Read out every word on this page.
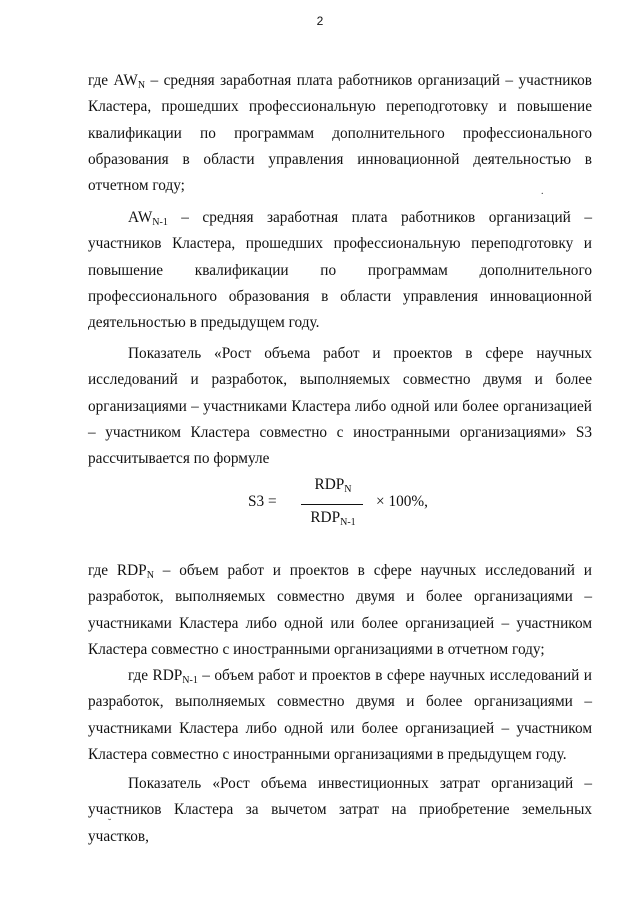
2

где $AW_N$ – средняя заработная плата работников организаций – участников Кластера, прошедших профессиональную переподготовку и повышение квалификации по программам дополнительного профессионального образования в области управления инновационной деятельностью в отчетном году;

$AW_{N-1}$ – средняя заработная плата работников организаций – участников Кластера, прошедших профессиональную переподготовку и повышение квалификации по программам дополнительного профессионального образования в области управления инновационной деятельностью в предыдущем году.

Показатель «Рост объема работ и проектов в сфере научных исследований и разработок, выполняемых совместно двумя и более организациями – участниками Кластера либо одной или более организацией – участником Кластера совместно с иностранными организациями» S3 рассчитывается по формуле

S3 =
$RDP_N$
$RDP_{N-1}$
× 100%,

где $RDP_N$ – объем работ и проектов в сфере научных исследований и разработок, выполняемых совместно двумя и более организациями – участниками Кластера либо одной или более организацией – участником Кластера совместно с иностранными организациями в отчетном году;

где $RDP_{N-1}$ – объем работ и проектов в сфере научных исследований и разработок, выполняемых совместно двумя и более организациями – участниками Кластера либо одной или более организацией – участником Кластера совместно с иностранными организациями в предыдущем году.

Показатель «Рост объема инвестиционных затрат организаций – участников Кластера за вычетом затрат на приобретение земельных участков,

.
˘
